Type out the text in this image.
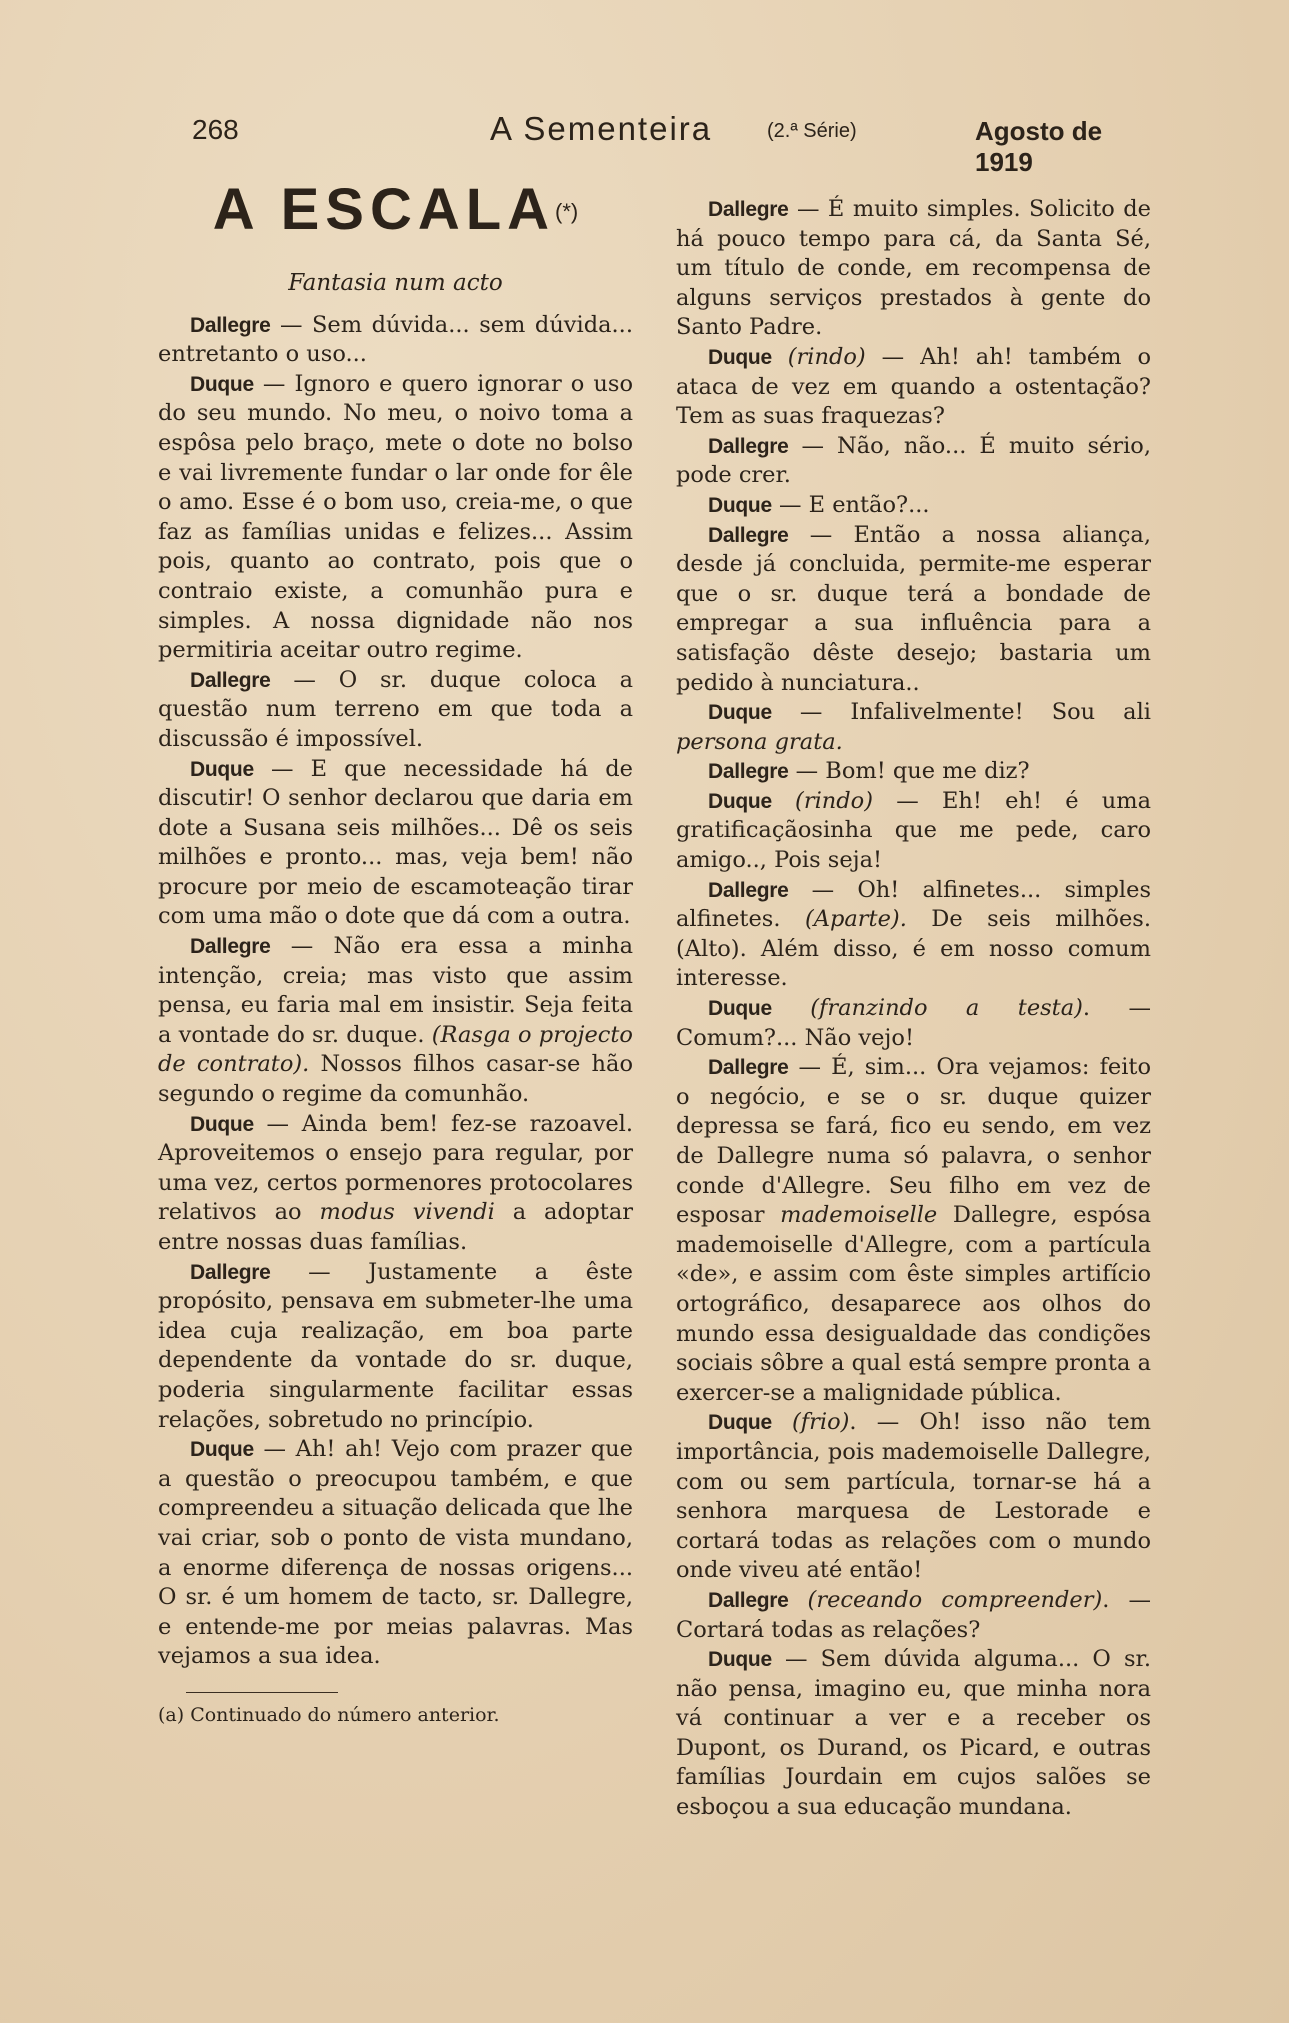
268	A Sementeira	(2.ª Série)	Agosto de 1919
A ESCALA(*)
Fantasia num acto

Dallegre — Sem dúvida... sem dúvida... entretanto o uso...

Duque — Ignoro e quero ignorar o uso do seu mundo. No meu, o noivo toma a espôsa pelo braço, mete o dote no bolso e vai livremente fundar o lar onde for êle o amo. Esse é o bom uso, creia-me, o que faz as famílias unidas e felizes... Assim pois, quanto ao contrato, pois que o contraio existe, a comunhão pura e simples. A nossa dignidade não nos permitiria aceitar outro regime.

Dallegre — O sr. duque coloca a questão num terreno em que toda a discussão é impossível.

Duque — E que necessidade há de discutir! O senhor declarou que daria em dote a Susana seis milhões... Dê os seis milhões e pronto... mas, veja bem! não procure por meio de escamoteação tirar com uma mão o dote que dá com a outra.

Dallegre — Não era essa a minha intenção, creia; mas visto que assim pensa, eu faria mal em insistir. Seja feita a vontade do sr. duque. (Rasga o projecto de contrato). Nossos filhos casar-se hão segundo o regime da comunhão.

Duque — Ainda bem! fez-se razoavel. Aproveitemos o ensejo para regular, por uma vez, certos pormenores protocolares relativos ao modus vivendi a adoptar entre nossas duas famílias.

Dallegre — Justamente a êste propósito, pensava em submeter-lhe uma idea cuja realização, em boa parte dependente da vontade do sr. duque, poderia singularmente facilitar essas relações, sobretudo no princípio.

Duque — Ah! ah! Vejo com prazer que a questão o preocupou também, e que compreendeu a situação delicada que lhe vai criar, sob o ponto de vista mundano, a enorme diferença de nossas origens... O sr. é um homem de tacto, sr. Dallegre, e entende-me por meias palavras. Mas vejamos a sua idea.

(a) Continuado do número anterior.

Dallegre — É muito simples. Solicito de há pouco tempo para cá, da Santa Sé, um título de conde, em recompensa de alguns serviços prestados à gente do Santo Padre.

Duque (rindo) — Ah! ah! também o ataca de vez em quando a ostentação? Tem as suas fraquezas?

Dallegre — Não, não... É muito sério, pode crer.

Duque — E então?...

Dallegre — Então a nossa aliança, desde já concluida, permite-me esperar que o sr. duque terá a bondade de empregar a sua influência para a satisfação dêste desejo; bastaria um pedido à nunciatura..

Duque — Infalivelmente! Sou ali persona grata.

Dallegre — Bom! que me diz?

Duque (rindo) — Eh! eh! é uma gratificaçãosinha que me pede, caro amigo.., Pois seja!

Dallegre — Oh! alfinetes... simples alfinetes. (Aparte). De seis milhões. (Alto). Além disso, é em nosso comum interesse.

Duque (franzindo a testa). — Comum?... Não vejo!

Dallegre — É, sim... Ora vejamos: feito o negócio, e se o sr. duque quizer depressa se fará, fico eu sendo, em vez de Dallegre numa só palavra, o senhor conde d'Allegre. Seu filho em vez de esposar mademoiselle Dallegre, espósa mademoiselle d'Allegre, com a partícula «de», e assim com êste simples artifício ortográfico, desaparece aos olhos do mundo essa desigualdade das condições sociais sôbre a qual está sempre pronta a exercer-se a malignidade pública.

Duque (frio). — Oh! isso não tem importância, pois mademoiselle Dallegre, com ou sem partícula, tornar-se há a senhora marquesa de Lestorade e cortará todas as relações com o mundo onde viveu até então!

Dallegre (receando compreender). — Cortará todas as relações?

Duque — Sem dúvida alguma... O sr. não pensa, imagino eu, que minha nora vá continuar a ver e a receber os Dupont, os Durand, os Picard, e outras famílias Jourdain em cujos salões se esboçou a sua educação mundana.
